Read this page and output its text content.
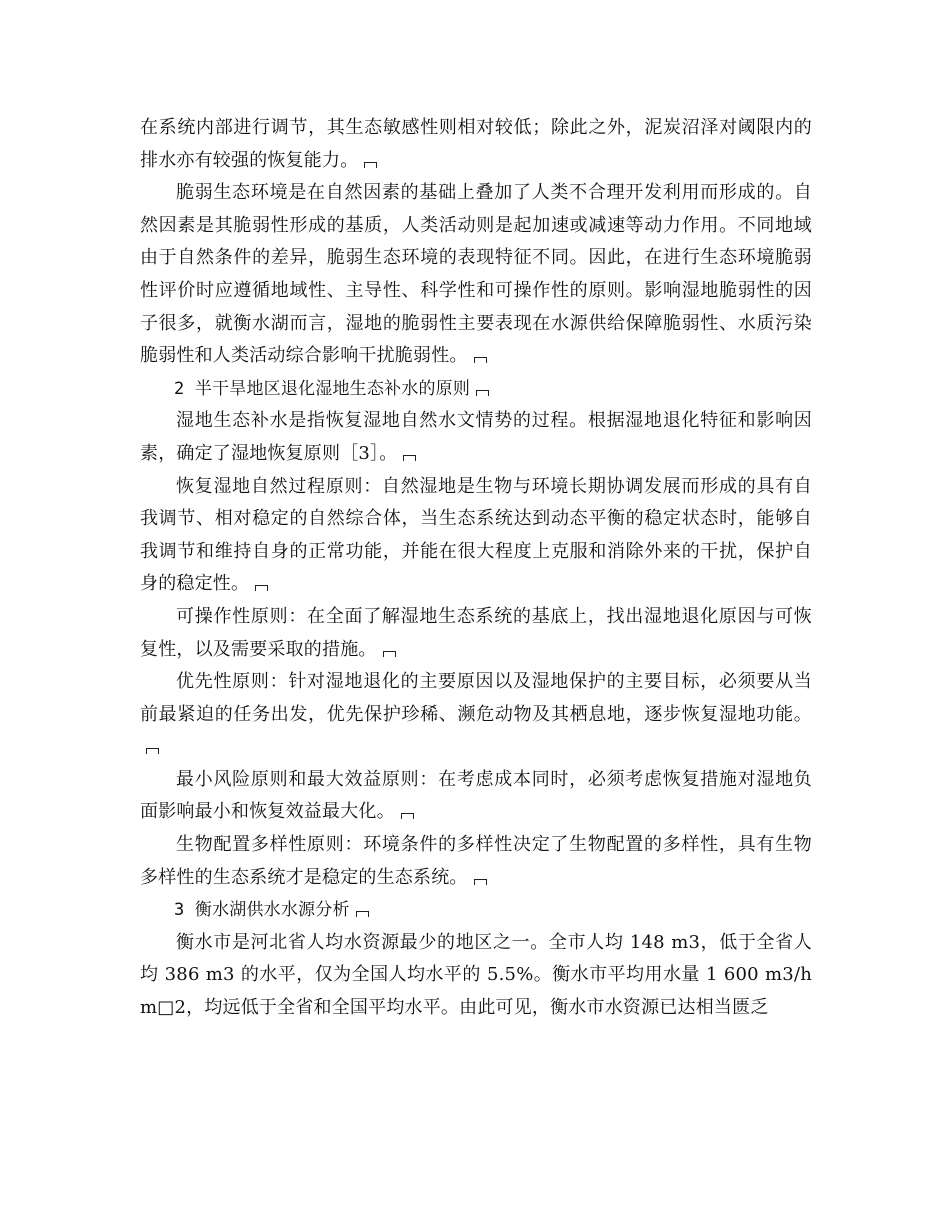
在系统内部进行调节，其生态敏感性则相对较低；除此之外，泥炭沼泽对阈限内的排水亦有较强的恢复能力。

脆弱生态环境是在自然因素的基础上叠加了人类不合理开发利用而形成的。自然因素是其脆弱性形成的基质，人类活动则是起加速或减速等动力作用。不同地域由于自然条件的差异，脆弱生态环境的表现特征不同。因此，在进行生态环境脆弱性评价时应遵循地域性、主导性、科学性和可操作性的原则。影响湿地脆弱性的因子很多，就衡水湖而言，湿地的脆弱性主要表现在水源供给保障脆弱性、水质污染脆弱性和人类活动综合影响干扰脆弱性。

2 半干旱地区退化湿地生态补水的原则

湿地生态补水是指恢复湿地自然水文情势的过程。根据湿地退化特征和影响因素，确定了湿地恢复原则［3］。

恢复湿地自然过程原则：自然湿地是生物与环境长期协调发展而形成的具有自我调节、相对稳定的自然综合体，当生态系统达到动态平衡的稳定状态时，能够自我调节和维持自身的正常功能，并能在很大程度上克服和消除外来的干扰，保护自身的稳定性。

可操作性原则：在全面了解湿地生态系统的基底上，找出湿地退化原因与可恢复性，以及需要采取的措施。

优先性原则：针对湿地退化的主要原因以及湿地保护的主要目标，必须要从当前最紧迫的任务出发，优先保护珍稀、濒危动物及其栖息地，逐步恢复湿地功能。

最小风险原则和最大效益原则：在考虑成本同时，必须考虑恢复措施对湿地负面影响最小和恢复效益最大化。

生物配置多样性原则：环境条件的多样性决定了生物配置的多样性，具有生物多样性的生态系统才是稳定的生态系统。

3 衡水湖供水水源分析

衡水市是河北省人均水资源最少的地区之一。全市人均 148 m3，低于全省人均 386 m3 的水平，仅为全国人均水平的 5.5%。衡水市平均用水量 1 600 m3/hm□2，均远低于全省和全国平均水平。由此可见，衡水市水资源已达相当匮乏
